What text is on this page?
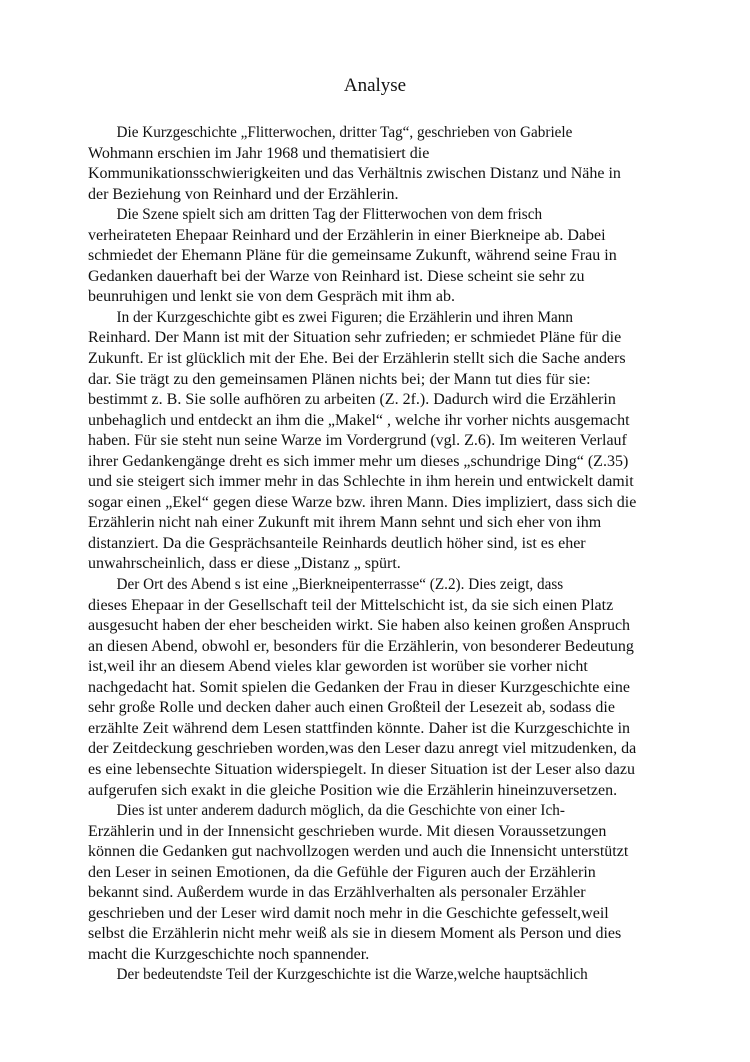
Analyse

Die Kurzgeschichte „Flitterwochen, dritter Tag“, geschrieben von Gabriele
Wohmann erschien im Jahr 1968 und thematisiert die
Kommunikationsschwierigkeiten und das Verhältnis zwischen Distanz und Nähe in
der Beziehung von Reinhard und der Erzählerin.

Die Szene spielt sich am dritten Tag der Flitterwochen von dem frisch
verheirateten Ehepaar Reinhard und der Erzählerin in einer Bierkneipe ab. Dabei
schmiedet der Ehemann Pläne für die gemeinsame Zukunft, während seine Frau in
Gedanken dauerhaft bei der Warze von Reinhard ist. Diese scheint sie sehr zu
beunruhigen und lenkt sie von dem Gespräch mit ihm ab.

In der Kurzgeschichte gibt es zwei Figuren; die Erzählerin und ihren Mann
Reinhard. Der Mann ist mit der Situation sehr zufrieden; er schmiedet Pläne für die
Zukunft. Er ist glücklich mit der Ehe. Bei der Erzählerin stellt sich die Sache anders
dar. Sie trägt zu den gemeinsamen Plänen nichts bei; der Mann tut dies für sie:
bestimmt z. B. Sie solle aufhören zu arbeiten (Z. 2f.). Dadurch wird die Erzählerin
unbehaglich und entdeckt an ihm die „Makel“ , welche ihr vorher nichts ausgemacht
haben. Für sie steht nun seine Warze im Vordergrund (vgl. Z.6). Im weiteren Verlauf
ihrer Gedankengänge dreht es sich immer mehr um dieses „schundrige Ding“ (Z.35)
und sie steigert sich immer mehr in das Schlechte in ihm herein und entwickelt damit
sogar einen „Ekel“ gegen diese Warze bzw. ihren Mann. Dies impliziert, dass sich die
Erzählerin nicht nah einer Zukunft mit ihrem Mann sehnt und sich eher von ihm
distanziert. Da die Gesprächsanteile Reinhards deutlich höher sind, ist es eher
unwahrscheinlich, dass er diese „Distanz „ spürt.

Der Ort des Abend s ist eine „Bierkneipenterrasse“ (Z.2). Dies zeigt, dass
dieses Ehepaar in der Gesellschaft teil der Mittelschicht ist, da sie sich einen Platz
ausgesucht haben der eher bescheiden wirkt. Sie haben also keinen großen Anspruch
an diesen Abend, obwohl er, besonders für die Erzählerin, von besonderer Bedeutung
ist,weil ihr an diesem Abend vieles klar geworden ist worüber sie vorher nicht
nachgedacht hat. Somit spielen die Gedanken der Frau in dieser Kurzgeschichte eine
sehr große Rolle und decken daher auch einen Großteil der Lesezeit ab, sodass die
erzählte Zeit während dem Lesen stattfinden könnte. Daher ist die Kurzgeschichte in
der Zeitdeckung geschrieben worden,was den Leser dazu anregt viel mitzudenken, da
es eine lebensechte Situation widerspiegelt. In dieser Situation ist der Leser also dazu
aufgerufen sich exakt in die gleiche Position wie die Erzählerin hineinzuversetzen.

Dies ist unter anderem dadurch möglich, da die Geschichte von einer Ich-
Erzählerin und in der Innensicht geschrieben wurde. Mit diesen Voraussetzungen
können die Gedanken gut nachvollzogen werden und auch die Innensicht unterstützt
den Leser in seinen Emotionen, da die Gefühle der Figuren auch der Erzählerin
bekannt sind. Außerdem wurde in das Erzählverhalten als personaler Erzähler
geschrieben und der Leser wird damit noch mehr in die Geschichte gefesselt,weil
selbst die Erzählerin nicht mehr weiß als sie in diesem Moment als Person und dies
macht die Kurzgeschichte noch spannender.

Der bedeutendste Teil der Kurzgeschichte ist die Warze,welche hauptsächlich
